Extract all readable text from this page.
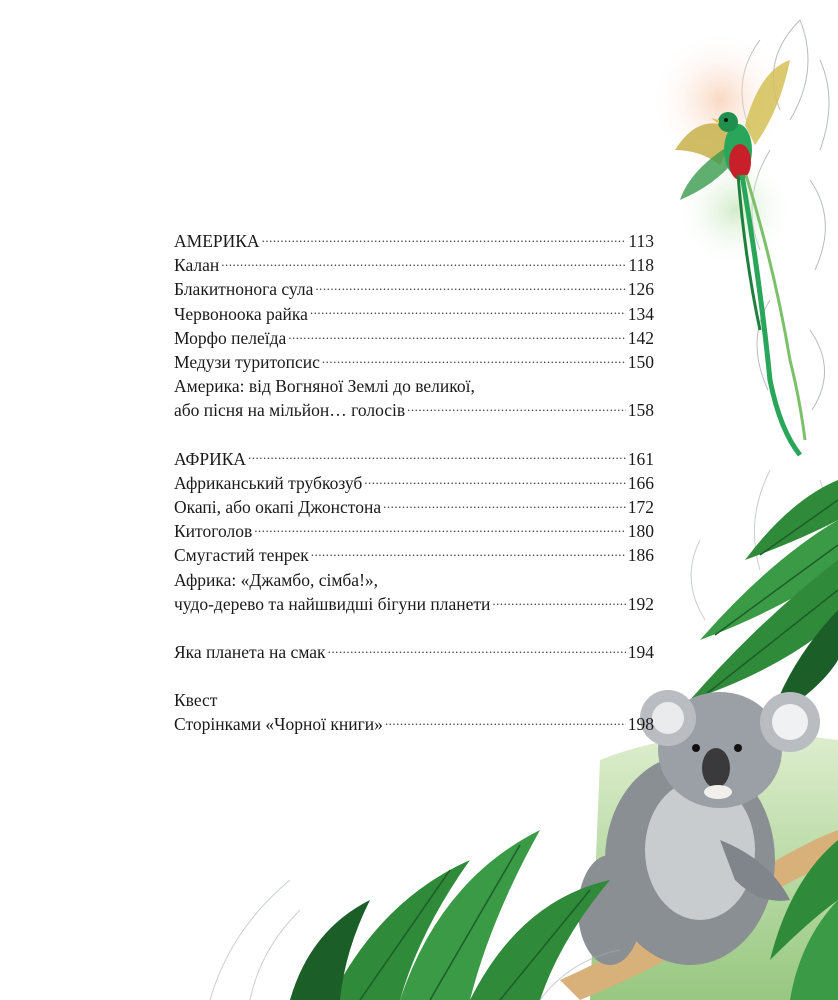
АМЕРИКА .....	113
Калан .....	118
Блакитнонога сула .....	126
Червоноока райка .....	134
Морфо пелеїда .....	142
Медузи туритопсис .....	150
Америка: від Вогняної Землі до великої,
або пісня на мільйон… голосів .....	158
АФРИКА .....	161
Африканський трубкозуб .....	166
Окапі, або окапі Джонстона .....	172
Китоголов .....	180
Смугастий тенрек .....	186
Африка: «Джамбо, сімба!»,
чудо-дерево та найшвидші бігуни планети .....	192
Яка планета на смак .....	194
Квест
Сторінками «Чорної книги» .....	198
